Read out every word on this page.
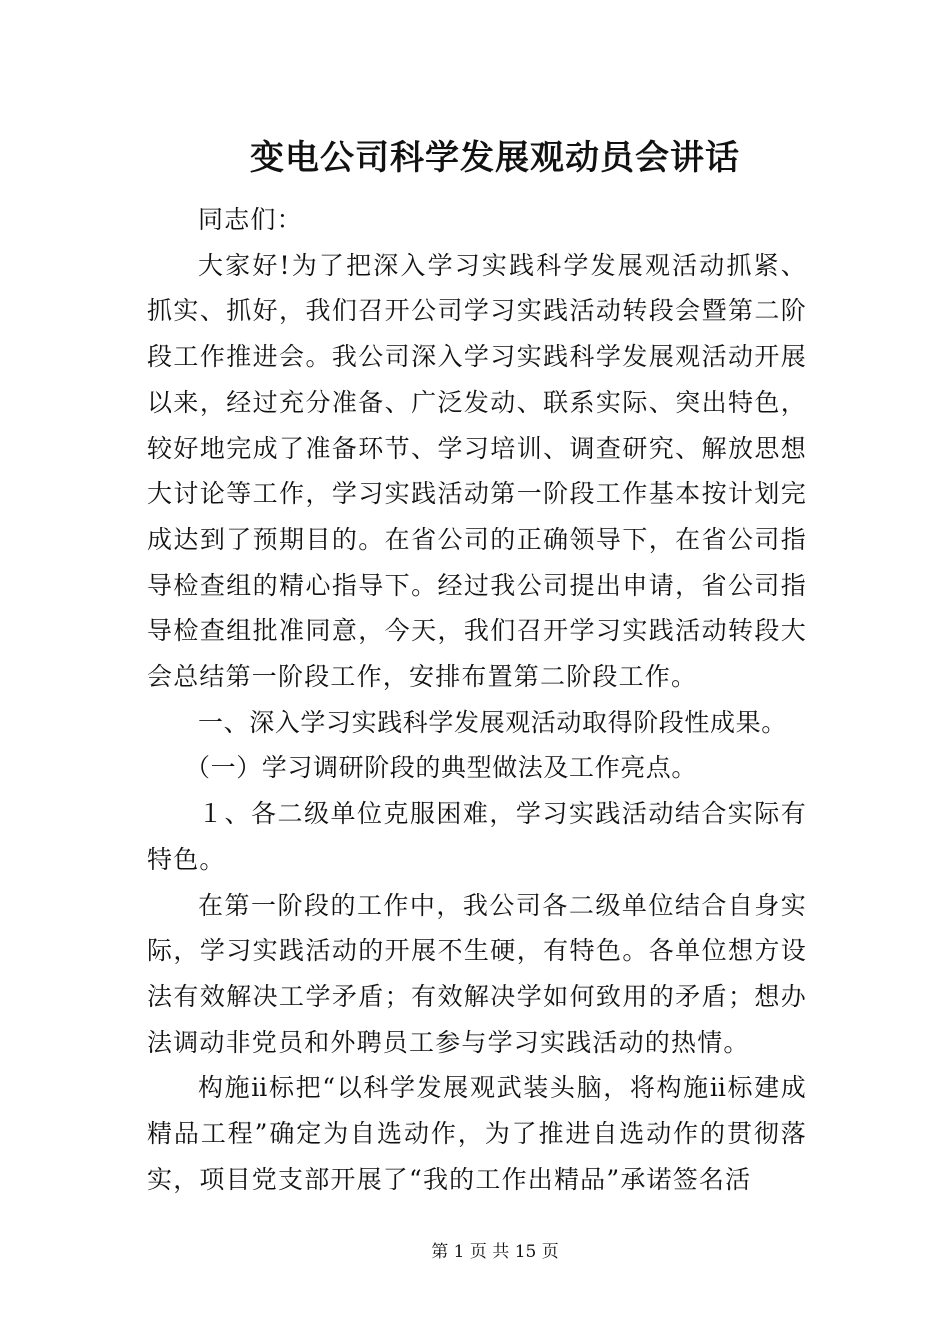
变电公司科学发展观动员会讲话

同志们：

大家好!为了把深入学习实践科学发展观活动抓紧、抓实、抓好，我们召开公司学习实践活动转段会暨第二阶段工作推进会。我公司深入学习实践科学发展观活动开展以来，经过充分准备、广泛发动、联系实际、突出特色，较好地完成了准备环节、学习培训、调查研究、解放思想大讨论等工作，学习实践活动第一阶段工作基本按计划完成达到了预期目的。在省公司的正确领导下，在省公司指导检查组的精心指导下。经过我公司提出申请，省公司指导检查组批准同意，今天，我们召开学习实践活动转段大会总结第一阶段工作，安排布置第二阶段工作。

一、深入学习实践科学发展观活动取得阶段性成果。

（一）学习调研阶段的典型做法及工作亮点。

１、各二级单位克服困难，学习实践活动结合实际有特色。

在第一阶段的工作中，我公司各二级单位结合自身实际，学习实践活动的开展不生硬，有特色。各单位想方设法有效解决工学矛盾；有效解决学如何致用的矛盾；想办法调动非党员和外聘员工参与学习实践活动的热情。

构施ⅱ标把“以科学发展观武装头脑，将构施ⅱ标建成精品工程”确定为自选动作，为了推进自选动作的贯彻落实，项目党支部开展了“我的工作出精品”承诺签名活

第 1 页 共 15 页
